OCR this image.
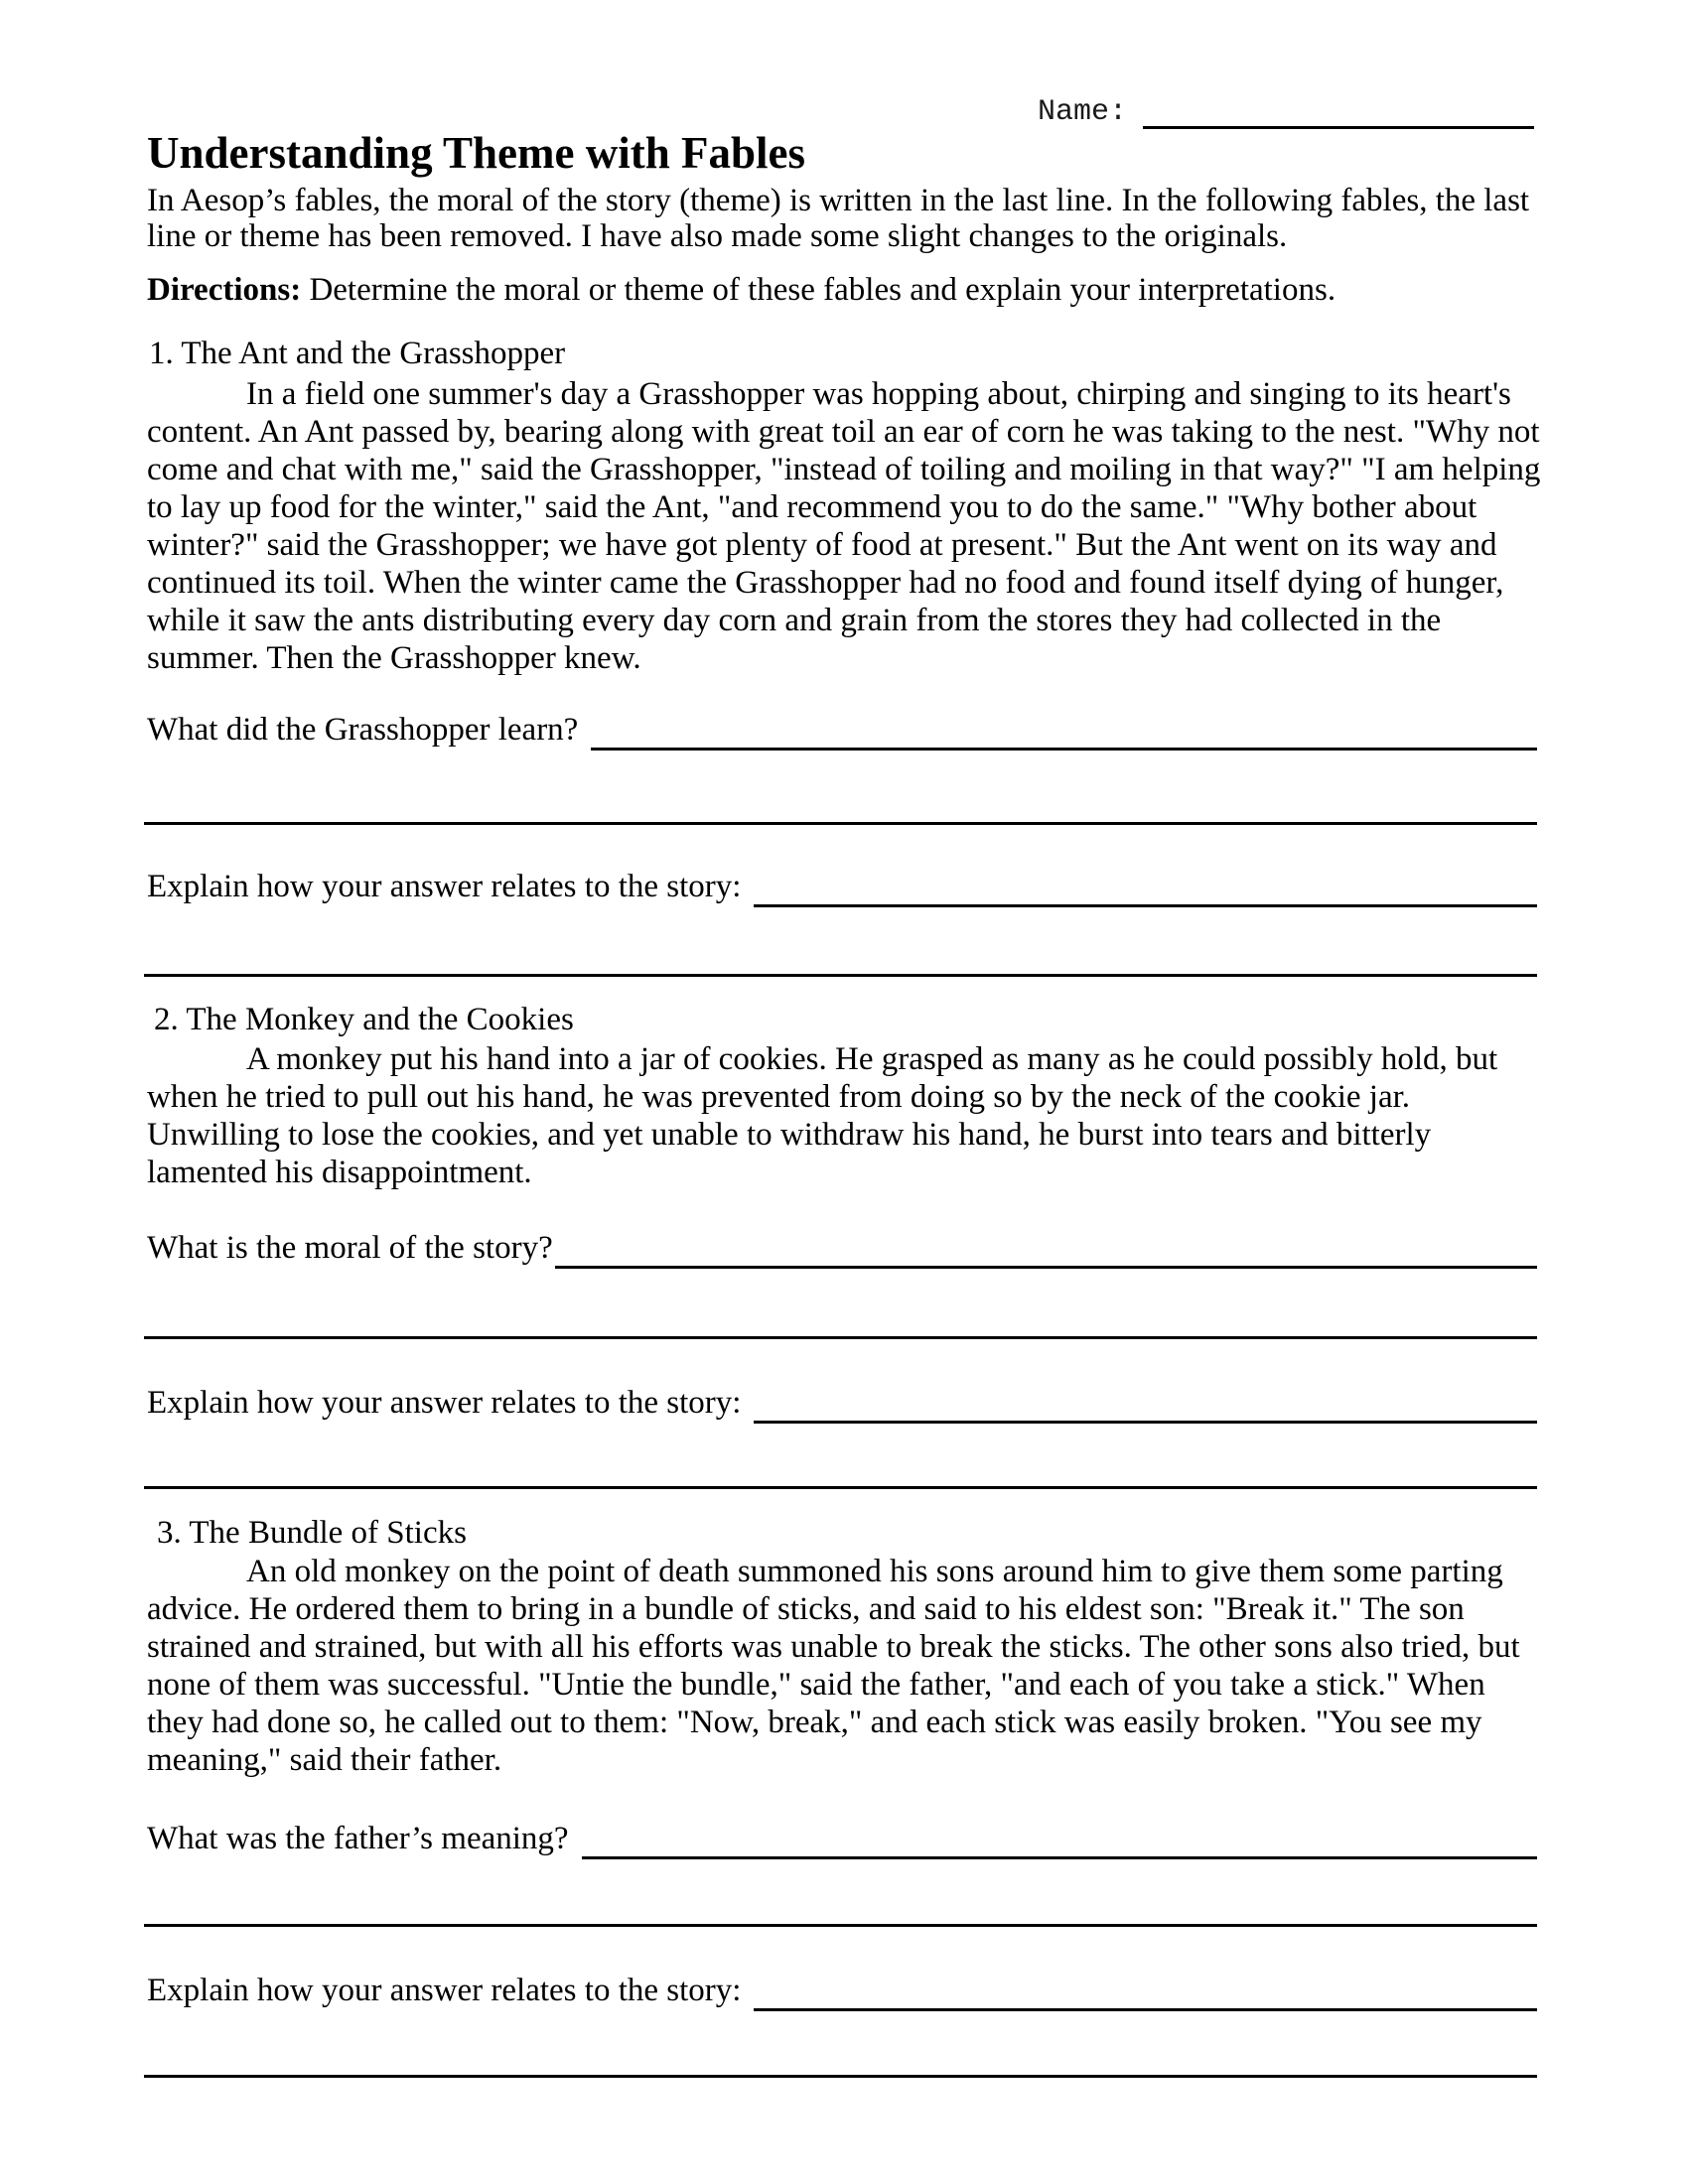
Name:
Understanding Theme with Fables
In Aesop’s fables, the moral of the story (theme) is written in the last line. In the following fables, the last line or theme has been removed. I have also made some slight changes to the originals.
Directions: Determine the moral or theme of these fables and explain your interpretations.
1. The Ant and the Grasshopper
In a field one summer's day a Grasshopper was hopping about, chirping and singing to its heart's content. An Ant passed by, bearing along with great toil an ear of corn he was taking to the nest. "Why not come and chat with me," said the Grasshopper, "instead of toiling and moiling in that way?" "I am helping to lay up food for the winter," said the Ant, "and recommend you to do the same." "Why bother about winter?" said the Grasshopper; we have got plenty of food at present." But the Ant went on its way and continued its toil. When the winter came the Grasshopper had no food and found itself dying of hunger, while it saw the ants distributing every day corn and grain from the stores they had collected in the summer. Then the Grasshopper knew.
What did the Grasshopper learn?
Explain how your answer relates to the story:
2. The Monkey and the Cookies
A monkey put his hand into a jar of cookies. He grasped as many as he could possibly hold, but when he tried to pull out his hand, he was prevented from doing so by the neck of the cookie jar. Unwilling to lose the cookies, and yet unable to withdraw his hand, he burst into tears and bitterly lamented his disappointment.
What is the moral of the story?
Explain how your answer relates to the story:
3. The Bundle of Sticks
An old monkey on the point of death summoned his sons around him to give them some parting advice. He ordered them to bring in a bundle of sticks, and said to his eldest son: "Break it." The son strained and strained, but with all his efforts was unable to break the sticks. The other sons also tried, but none of them was successful. "Untie the bundle," said the father, "and each of you take a stick." When they had done so, he called out to them: "Now, break," and each stick was easily broken. "You see my meaning," said their father.
What was the father’s meaning?
Explain how your answer relates to the story:
